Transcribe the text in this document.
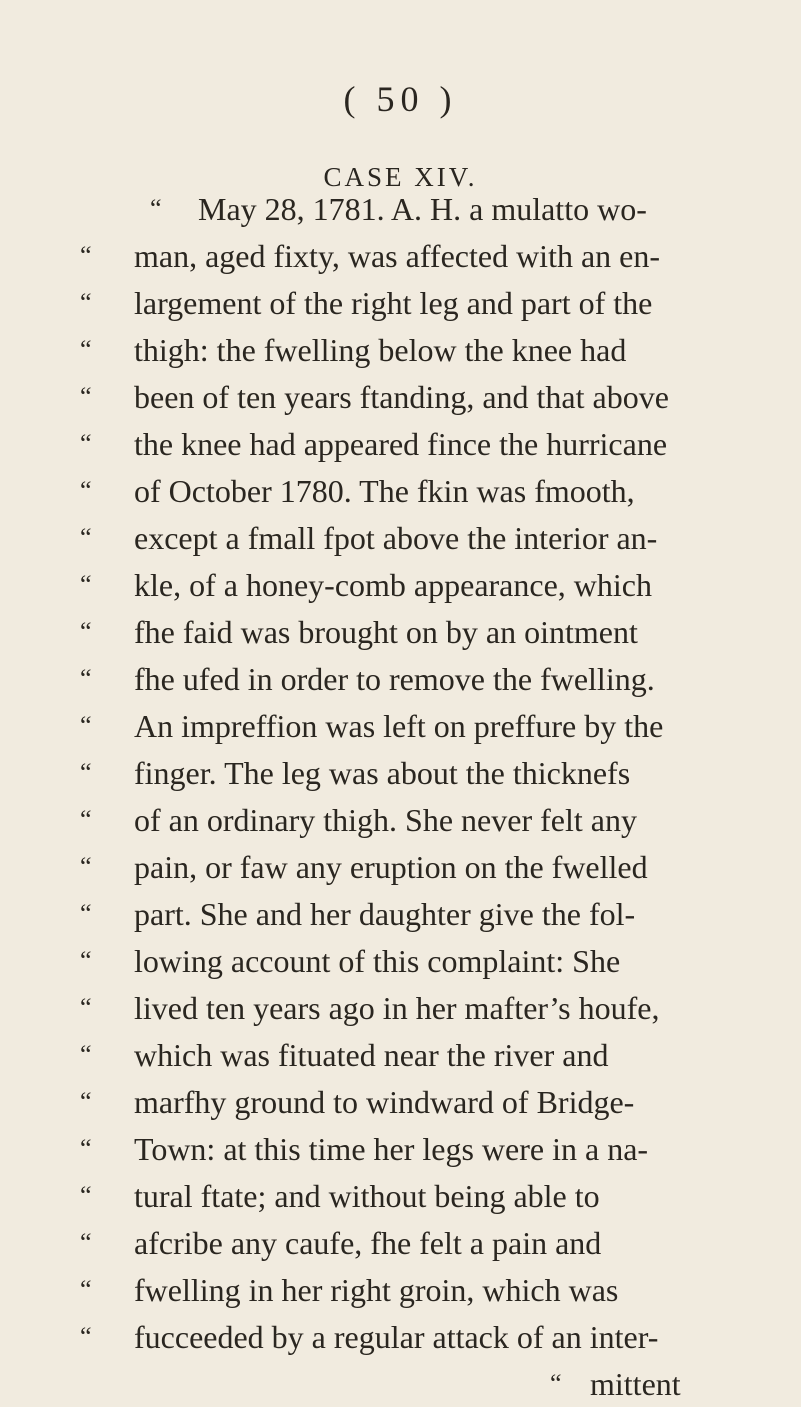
( 50 )
CASE XIV.
“ May 28, 1781. A. H. a mulatto wo-
“ man, aged fixty, was affected with an en-
“ largement of the right leg and part of the
“ thigh: the fwelling below the knee had
“ been of ten years ftanding, and that above
“ the knee had appeared fince the hurricane
“ of October 1780. The fkin was fmooth,
“ except a fmall fpot above the interior an-
“ kle, of a honey-comb appearance, which
“ fhe faid was brought on by an ointment
“ fhe ufed in order to remove the fwelling.
“ An impreffion was left on preffure by the
“ finger. The leg was about the thicknefs
“ of an ordinary thigh. She never felt any
“ pain, or faw any eruption on the fwelled
“ part. She and her daughter give the fol-
“ lowing account of this complaint: She
“ lived ten years ago in her mafter’s houfe,
“ which was fituated near the river and
“ marfhy ground to windward of Bridge-
“ Town: at this time her legs were in a na-
“ tural ftate; and without being able to
“ afcribe any caufe, fhe felt a pain and
“ fwelling in her right groin, which was
“ fucceeded by a regular attack of an inter-
“ mittent
